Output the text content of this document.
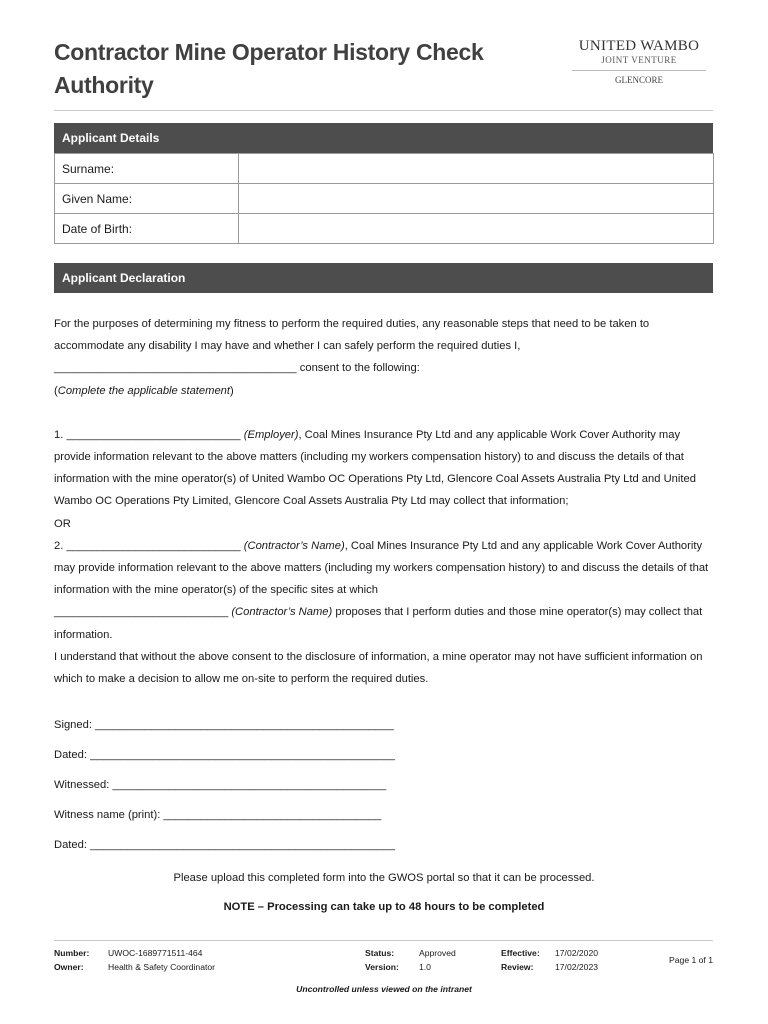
Contractor Mine Operator History Check Authority
UNITED WAMBO
JOINT VENTURE
GLENCORE
Applicant Details
Surname:	
Given Name:	
Date of Birth:	
Applicant Declaration

For the purposes of determining my fitness to perform the required duties, any reasonable steps that need to be taken to accommodate any disability I may have and whether I can safely perform the required duties I,

_______________________________________ consent to the following:

(Complete the applicable statement)

1. ____________________________ (Employer), Coal Mines Insurance Pty Ltd and any applicable Work Cover Authority may provide information relevant to the above matters (including my workers compensation history) to and discuss the details of that information with the mine operator(s) of United Wambo OC Operations Pty Ltd, Glencore Coal Assets Australia Pty Ltd and United Wambo OC Operations Pty Limited, Glencore Coal Assets Australia Pty Ltd may collect that information;

OR

2. ____________________________ (Contractor’s Name), Coal Mines Insurance Pty Ltd and any applicable Work Cover Authority may provide information relevant to the above matters (including my workers compensation history) to and discuss the details of that information with the mine operator(s) of the specific sites at which

____________________________ (Contractor’s Name) proposes that I perform duties and those mine operator(s) may collect that information.

I understand that without the above consent to the disclosure of information, a mine operator may not have sufficient information on which to make a decision to allow me on-site to perform the required duties.

Signed: ________________________________________________
Dated: _________________________________________________
Witnessed: ____________________________________________
Witness name (print): ___________________________________
Dated: _________________________________________________
Please upload this completed form into the GWOS portal so that it can be processed.
NOTE – Processing can take up to 48 hours to be completed
Number:
Owner:
UWOC-1689771511-464
Health & Safety Coordinator
Status:
Version:
Approved
1.0
Effective:
Review:
17/02/2020
17/02/2023
Page 1 of 1
Uncontrolled unless viewed on the intranet
